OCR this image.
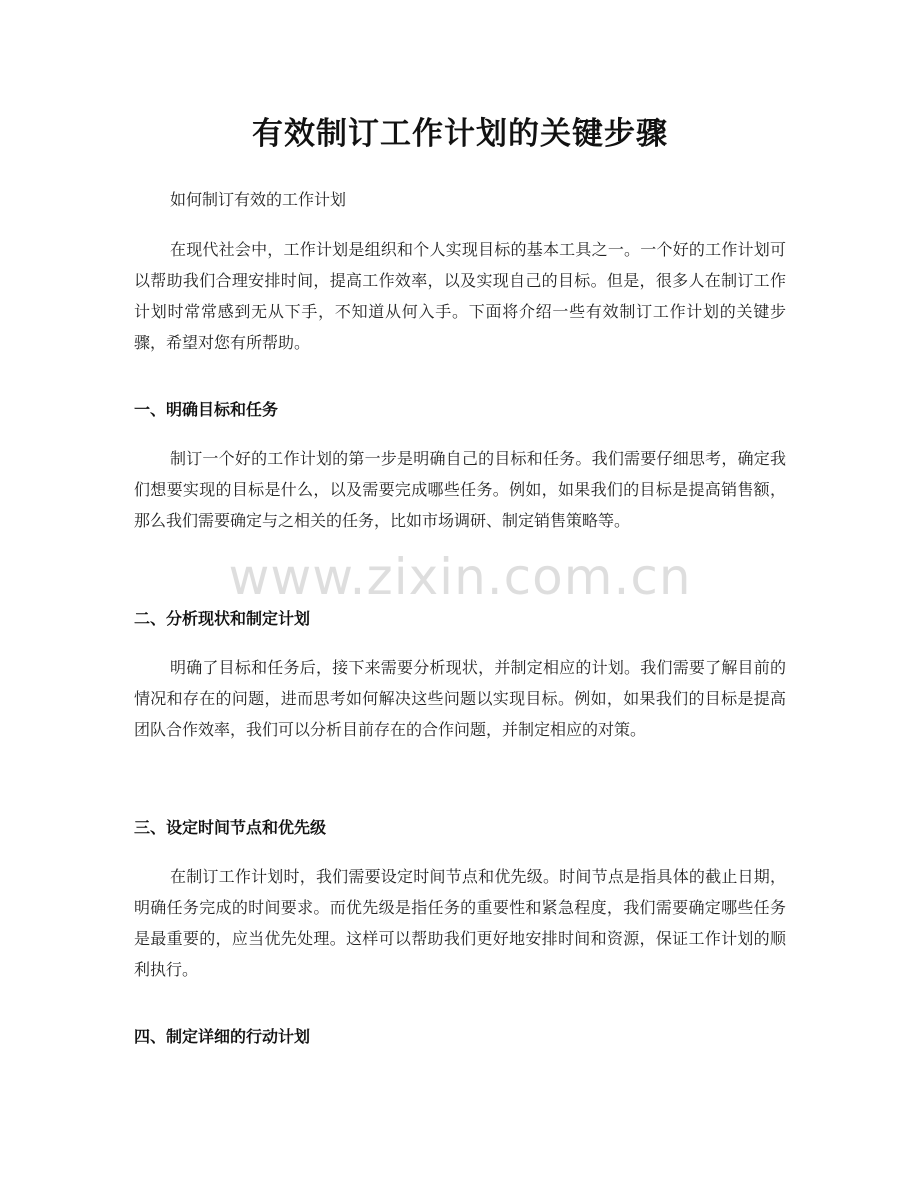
有效制订工作计划的关键步骤

如何制订有效的工作计划

在现代社会中，工作计划是组织和个人实现目标的基本工具之一。一个好的工作计划可以帮助我们合理安排时间，提高工作效率，以及实现自己的目标。但是，很多人在制订工作计划时常常感到无从下手，不知道从何入手。下面将介绍一些有效制订工作计划的关键步骤，希望对您有所帮助。

一、明确目标和任务

制订一个好的工作计划的第一步是明确自己的目标和任务。我们需要仔细思考，确定我们想要实现的目标是什么，以及需要完成哪些任务。例如，如果我们的目标是提高销售额，那么我们需要确定与之相关的任务，比如市场调研、制定销售策略等。

二、分析现状和制定计划

明确了目标和任务后，接下来需要分析现状，并制定相应的计划。我们需要了解目前的情况和存在的问题，进而思考如何解决这些问题以实现目标。例如，如果我们的目标是提高团队合作效率，我们可以分析目前存在的合作问题，并制定相应的对策。

三、设定时间节点和优先级

在制订工作计划时，我们需要设定时间节点和优先级。时间节点是指具体的截止日期，明确任务完成的时间要求。而优先级是指任务的重要性和紧急程度，我们需要确定哪些任务是最重要的，应当优先处理。这样可以帮助我们更好地安排时间和资源，保证工作计划的顺利执行。

四、制定详细的行动计划
www.zixin.com.cn
